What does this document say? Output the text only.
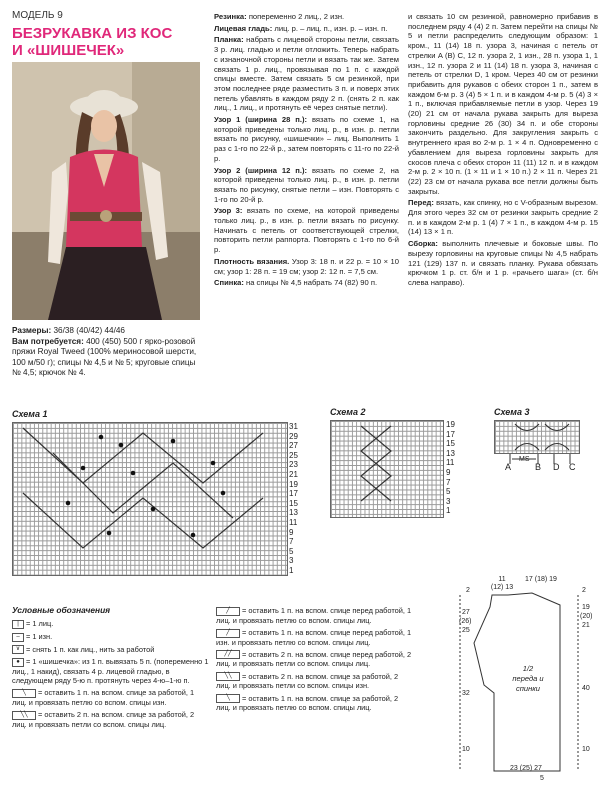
МОДЕЛЬ 9
БЕЗРУКАВКА ИЗ КОС
И «ШИШЕЧЕК»

Размеры: 36/38 (40/42) 44/46

Вам потребуется: 400 (450) 500 г ярко-розовой пряжи Royal Tweed (100% мериносовой шерсти, 100 м/50 г); спицы № 4,5 и № 5; круговые спицы № 4,5; крючок № 4.

Резинка: попеременно 2 лиц., 2 изн.

Лицевая гладь: лиц. р. – лиц. п., изн. р. – изн. п.

Планка: набрать с лицевой стороны петли, связать 3 р. лиц. гладью и петли отложить. Теперь набрать с изнаночной стороны петли и вязать так же. Затем связать 1 р. лиц., провязывая по 1 п. с каждой спицы вместе. Затем связать 5 см резинкой, при этом последнее ряде разместить 3 п. и поверх этих петель убавлять в каждом ряду 2 п. (снять 2 п. как лиц., 1 лиц., и протянуть её через снятые петли).

Узор 1 (ширина 28 п.): вязать по схеме 1, на которой приведены только лиц. р., в изн. р. петли вязать по рисунку, «шишечки» – лиц. Выполнить 1 раз с 1-го по 22-й р., затем повторять с 11-го по 22-й р.

Узор 2 (ширина 12 п.): вязать по схеме 2, на которой приведены только лиц. р., в изн. р. петли вязать по рисунку, снятые петли – изн. Повторять с 1-го по 20-й р.

Узор 3: вязать по схеме, на которой приведены только лиц. р., в изн. р. петли вязать по рисунку. Начинать с петель от соответствующей стрелки, повторить петли раппорта. Повторять с 1-го по 6-й р.

Плотность вязания. Узор 3: 18 п. и 22 р. = 10 × 10 см; узор 1: 28 п. = 19 см; узор 2: 12 п. = 7,5 см.

Спинка: на спицы № 4,5 набрать 74 (82) 90 п.

и связать 10 см резинкой, равномерно прибавив в последнем ряду 4 (4) 2 п. Затем перейти на спицы № 5 и петли распределить следующим образом: 1 кром., 11 (14) 18 п. узора 3, начиная с петель от стрелки A (B) C, 12 п. узора 2, 1 изн., 28 п. узора 1, 1 изн., 12 п. узора 2 и 11 (14) 18 п. узора 3, начиная с петель от стрелки D, 1 кром. Через 40 см от резинки прибавить для рукавов с обеих сторон 1 п., затем в каждом 6-м р. 3 (4) 5 × 1 п. и в каждом 4-м р. 5 (4) 3 × 1 п., включая прибавляемые петли в узор. Через 19 (20) 21 см от начала рукава закрыть для выреза горловины средние 26 (30) 34 п. и обе стороны закончить раздельно. Для закругления закрыть с внутреннего края во 2-м р. 1 × 4 п. Одновременно с убавлением для выреза горловины закрыть для скосов плеча с обеих сторон 11 (11) 12 п. и в каждом 2-м р. 2 × 10 п. (1 × 11 и 1 × 10 п.) 2 × 11 п. Через 21 (22) 23 см от начала рукава все петли должны быть закрыты.

Перед: вязать, как спинку, но с V-образным вырезом. Для этого через 32 см от резинки закрыть средние 2 п. и в каждом 2-м р. 1 (4) 7 × 1 п., в каждом 4-м р. 15 (14) 13 × 1 п.

Сборка: выполнить плечевые и боковые швы. По вырезу горловины на круговые спицы № 4,5 набрать 121 (129) 137 п. и связать планку. Рукава обвязать крючком 1 р. ст. б/н и 1 р. «рачьего шага» (ст. б/н слева направо).

Схема 1
31
29
27
25
23
21
19
17
15
13
11
9
7
5
3
1
Схема 2
19
17
15
13
11
9
7
5
3
1
Схема 3
A
MS
B D C
Условные обозначения
| = 1 лиц.
– = 1 изн.
∨ = снять 1 п. как лиц., нить за работой
● = 1 «шишечка»: из 1 п. вывязать 5 п. (попеременно 1 лиц., 1 накид), связать 4 р. лицевой гладью, в следующем ряду 5-ю п. протянуть через 4-ю–1-ю п.
╲ = оставить 1 п. на вспом. спице за работой, 1 лиц. и провязать петлю со вспом. спицы изн.
╲╲ = оставить 2 п. на вспом. спице за работой, 2 лиц. и провязать петли со вспом. спицы лиц.
╱ = оставить 1 п. на вспом. спице перед работой, 1 лиц. и провязать петлю со вспом. спицы лиц.
╱ = оставить 1 п. на вспом. спице перед работой, 1 изн. и провязать петлю со вспом. спицы лиц.
╱╱ = оставить 2 п. на вспом. спице перед работой, 2 лиц. и провязать петли со вспом. спицы лиц.
╲╲ = оставить 2 п. на вспом. спице за работой, 2 лиц. и провязать петли со вспом. спицы изн.
╲ = оставить 1 п. на вспом. спице за работой, 2 лиц. и провязать петлю со вспом. спицы лиц.
11
(12) 13
17 (18) 19
2
27
(26)
25
32
10
2
19
(20)
21
40
10
23 (25) 27
5
1/2
переда и
спинки
